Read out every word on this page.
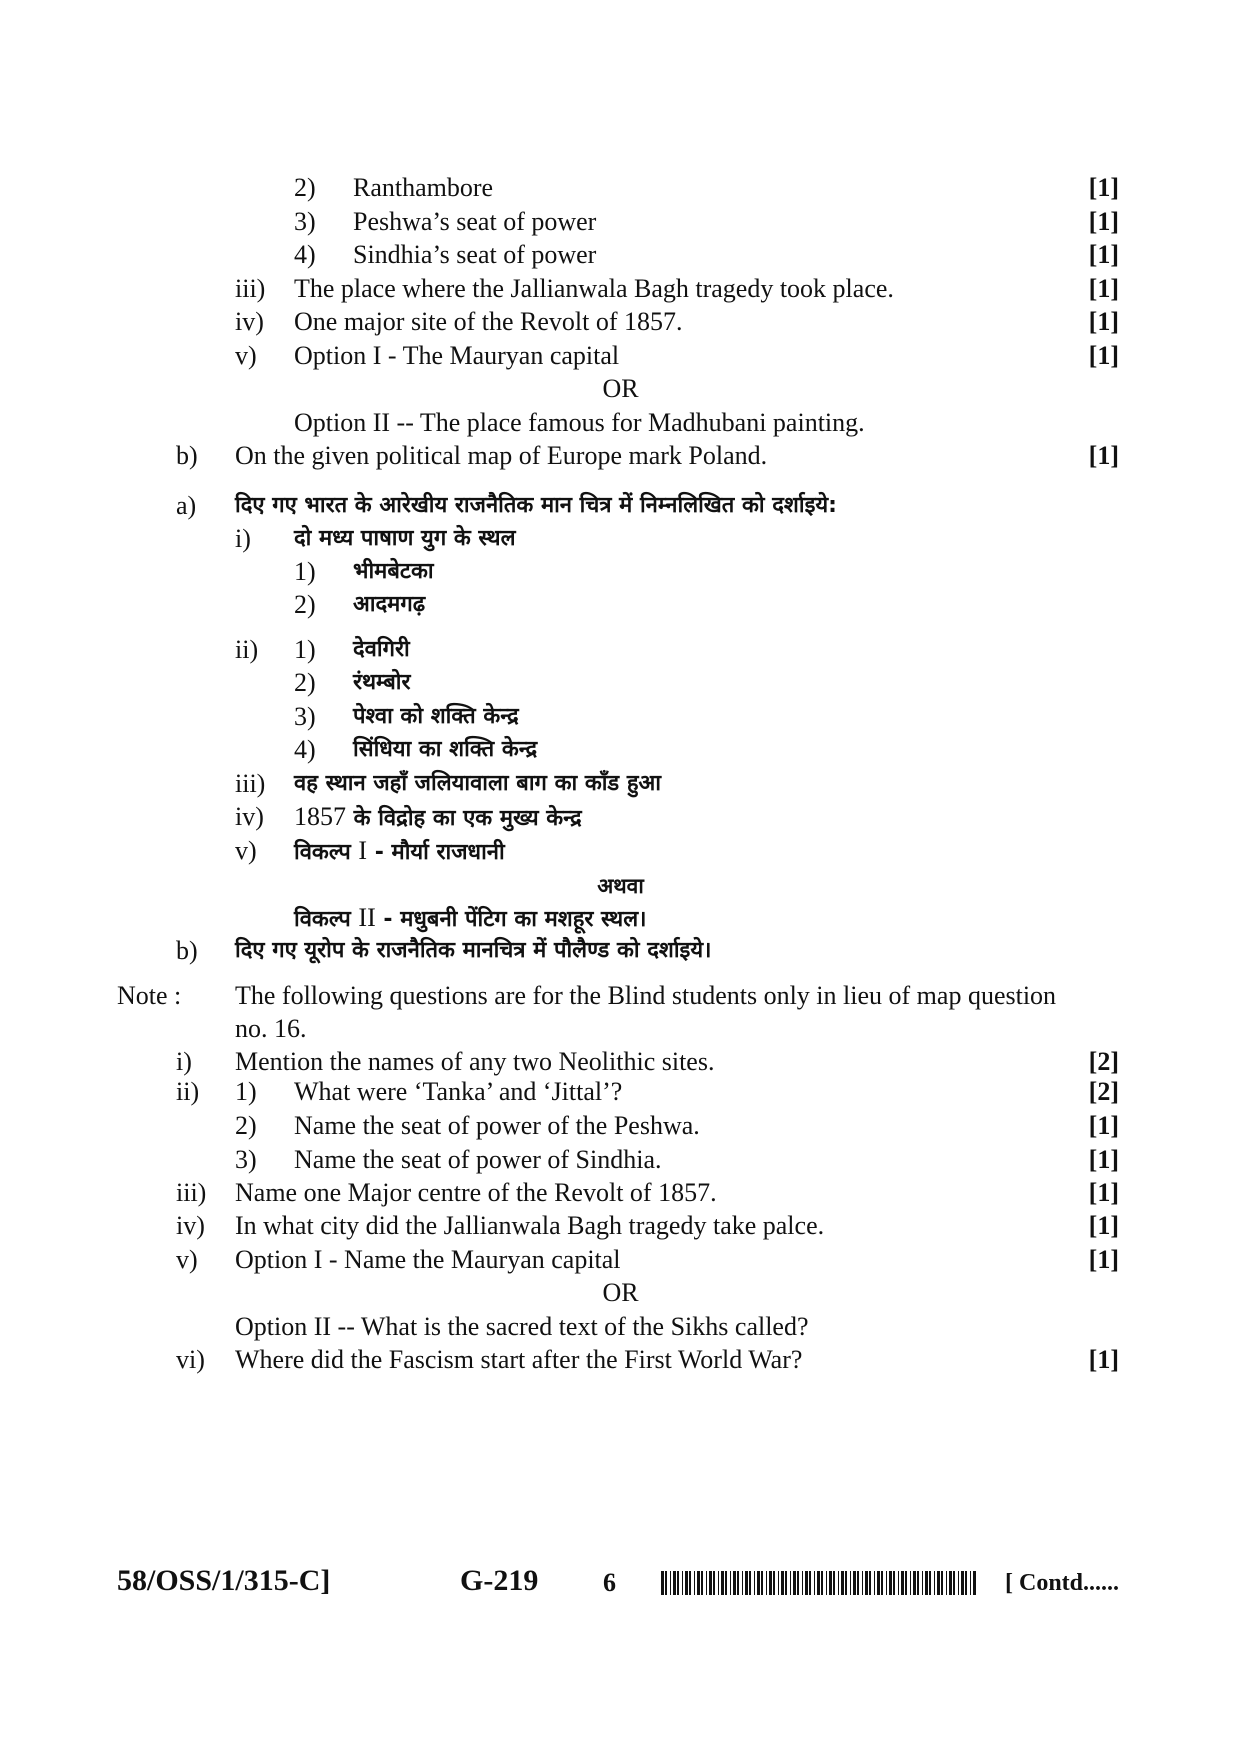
2) Ranthambore	[1]
3) Peshwa’s seat of power	[1]
4) Sindhia’s seat of power	[1]
iii) The place where the Jallianwala Bagh tragedy took place.	[1]
iv) One major site of the Revolt of 1857.	[1]
v) Option I - The Mauryan capital	[1]
OR
Option II -- The place famous for Madhubani painting.
b) On the given political map of Europe mark Poland.	[1]
a) दिए गए भारत के आरेखीय राजनैतिक मान चित्र में निम्नलिखित को दर्शाइये:
i) दो मध्य पाषाण युग के स्थल
1) भीमबेटका
2) आदमगढ़
ii) 1) देवगिरी
2) रंथम्बोर
3) पेश्वा को शक्ति केन्द्र
4) सिंधिया का शक्ति केन्द्र
iii) वह स्थान जहाँ जलियावाला बाग का काँड हुआ
iv) 1857 के विद्रोह का एक मुख्य केन्द्र
v) विकल्प I - मौर्या राजधानी
अथवा
विकल्प II - मधुबनी पेंटिग का मशहूर स्थल।
b) दिए गए यूरोप के राजनैतिक मानचित्र में पौलैण्ड को दर्शाइये।
Note : The following questions are for the Blind students only in lieu of map question
no. 16.
i) Mention the names of any two Neolithic sites.	[2]
ii) 1) What were ‘Tanka’ and ‘Jittal’?	[2]
2) Name the seat of power of the Peshwa.	[1]
3) Name the seat of power of Sindhia.	[1]
iii) Name one Major centre of the Revolt of 1857.	[1]
iv) In what city did the Jallianwala Bagh tragedy take palce.	[1]
v) Option I - Name the Mauryan capital	[1]
OR
Option II -- What is the sacred text of the Sikhs called?
vi) Where did the Fascism start after the First World War?	[1]
58/OSS/1/315-C]	G-219 6	[ Contd......
